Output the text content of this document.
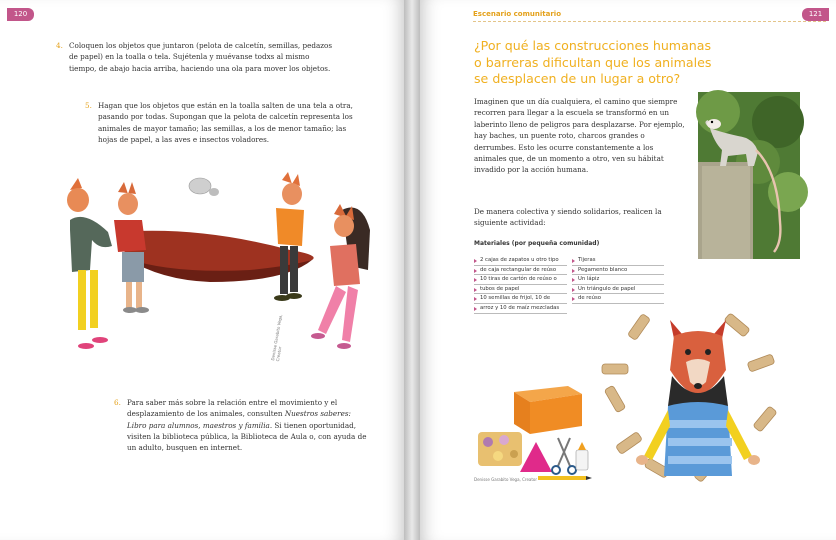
120
4. Coloquen los objetos que juntaron (pelota de calcetín, semillas, pedazos de papel) en la toalla o tela. Sujétenla y muévanse todxs al mismo tiempo, de abajo hacia arriba, haciendo una ola para mover los objetos.
5. Hagan que los objetos que están en la toalla salten de una tela a otra, pasando por todas. Supongan que la pelota de calcetín representa los animales de mayor tamaño; las semillas, a los de menor tamaño; las hojas de papel, a las aves e insectos voladores.
Denisse Garabito Vega, Creator
6. Para saber más sobre la relación entre el movimiento y el desplazamiento de los animales, consulten Nuestros saberes: Libro para alumnos, maestros y familia. Si tienen oportunidad, visiten la biblioteca pública, la Biblioteca de Aula o, con ayuda de un adulto, busquen en internet.
Escenario comunitario	121
¿Por qué las construcciones humanas o barreras dificultan que los animales se desplacen de un lugar a otro?
Imaginen que un día cualquiera, el camino que siempre recorren para llegar a la escuela se transformó en un laberinto lleno de peligros para desplazarse. Por ejemplo, hay baches, un puente roto, charcos grandes o derrumbes. Esto les ocurre constantemente a los animales que, de un momento a otro, ven su hábitat invadido por la acción humana.
De manera colectiva y siendo solidarios, realicen la siguiente actividad:
Materiales (por pequeña comunidad)
2 cajas de zapatos u otro tipo
de caja rectangular de reúso
10 tiras de cartón de reúso o
tubos de papel
10 semillas de frijol, 10 de
arroz y 10 de maíz mezcladas
Tijeras
Pegamento blanco
Un lápiz
Un triángulo de papel
de reúso
Denisse Garabito Vega, Creator
